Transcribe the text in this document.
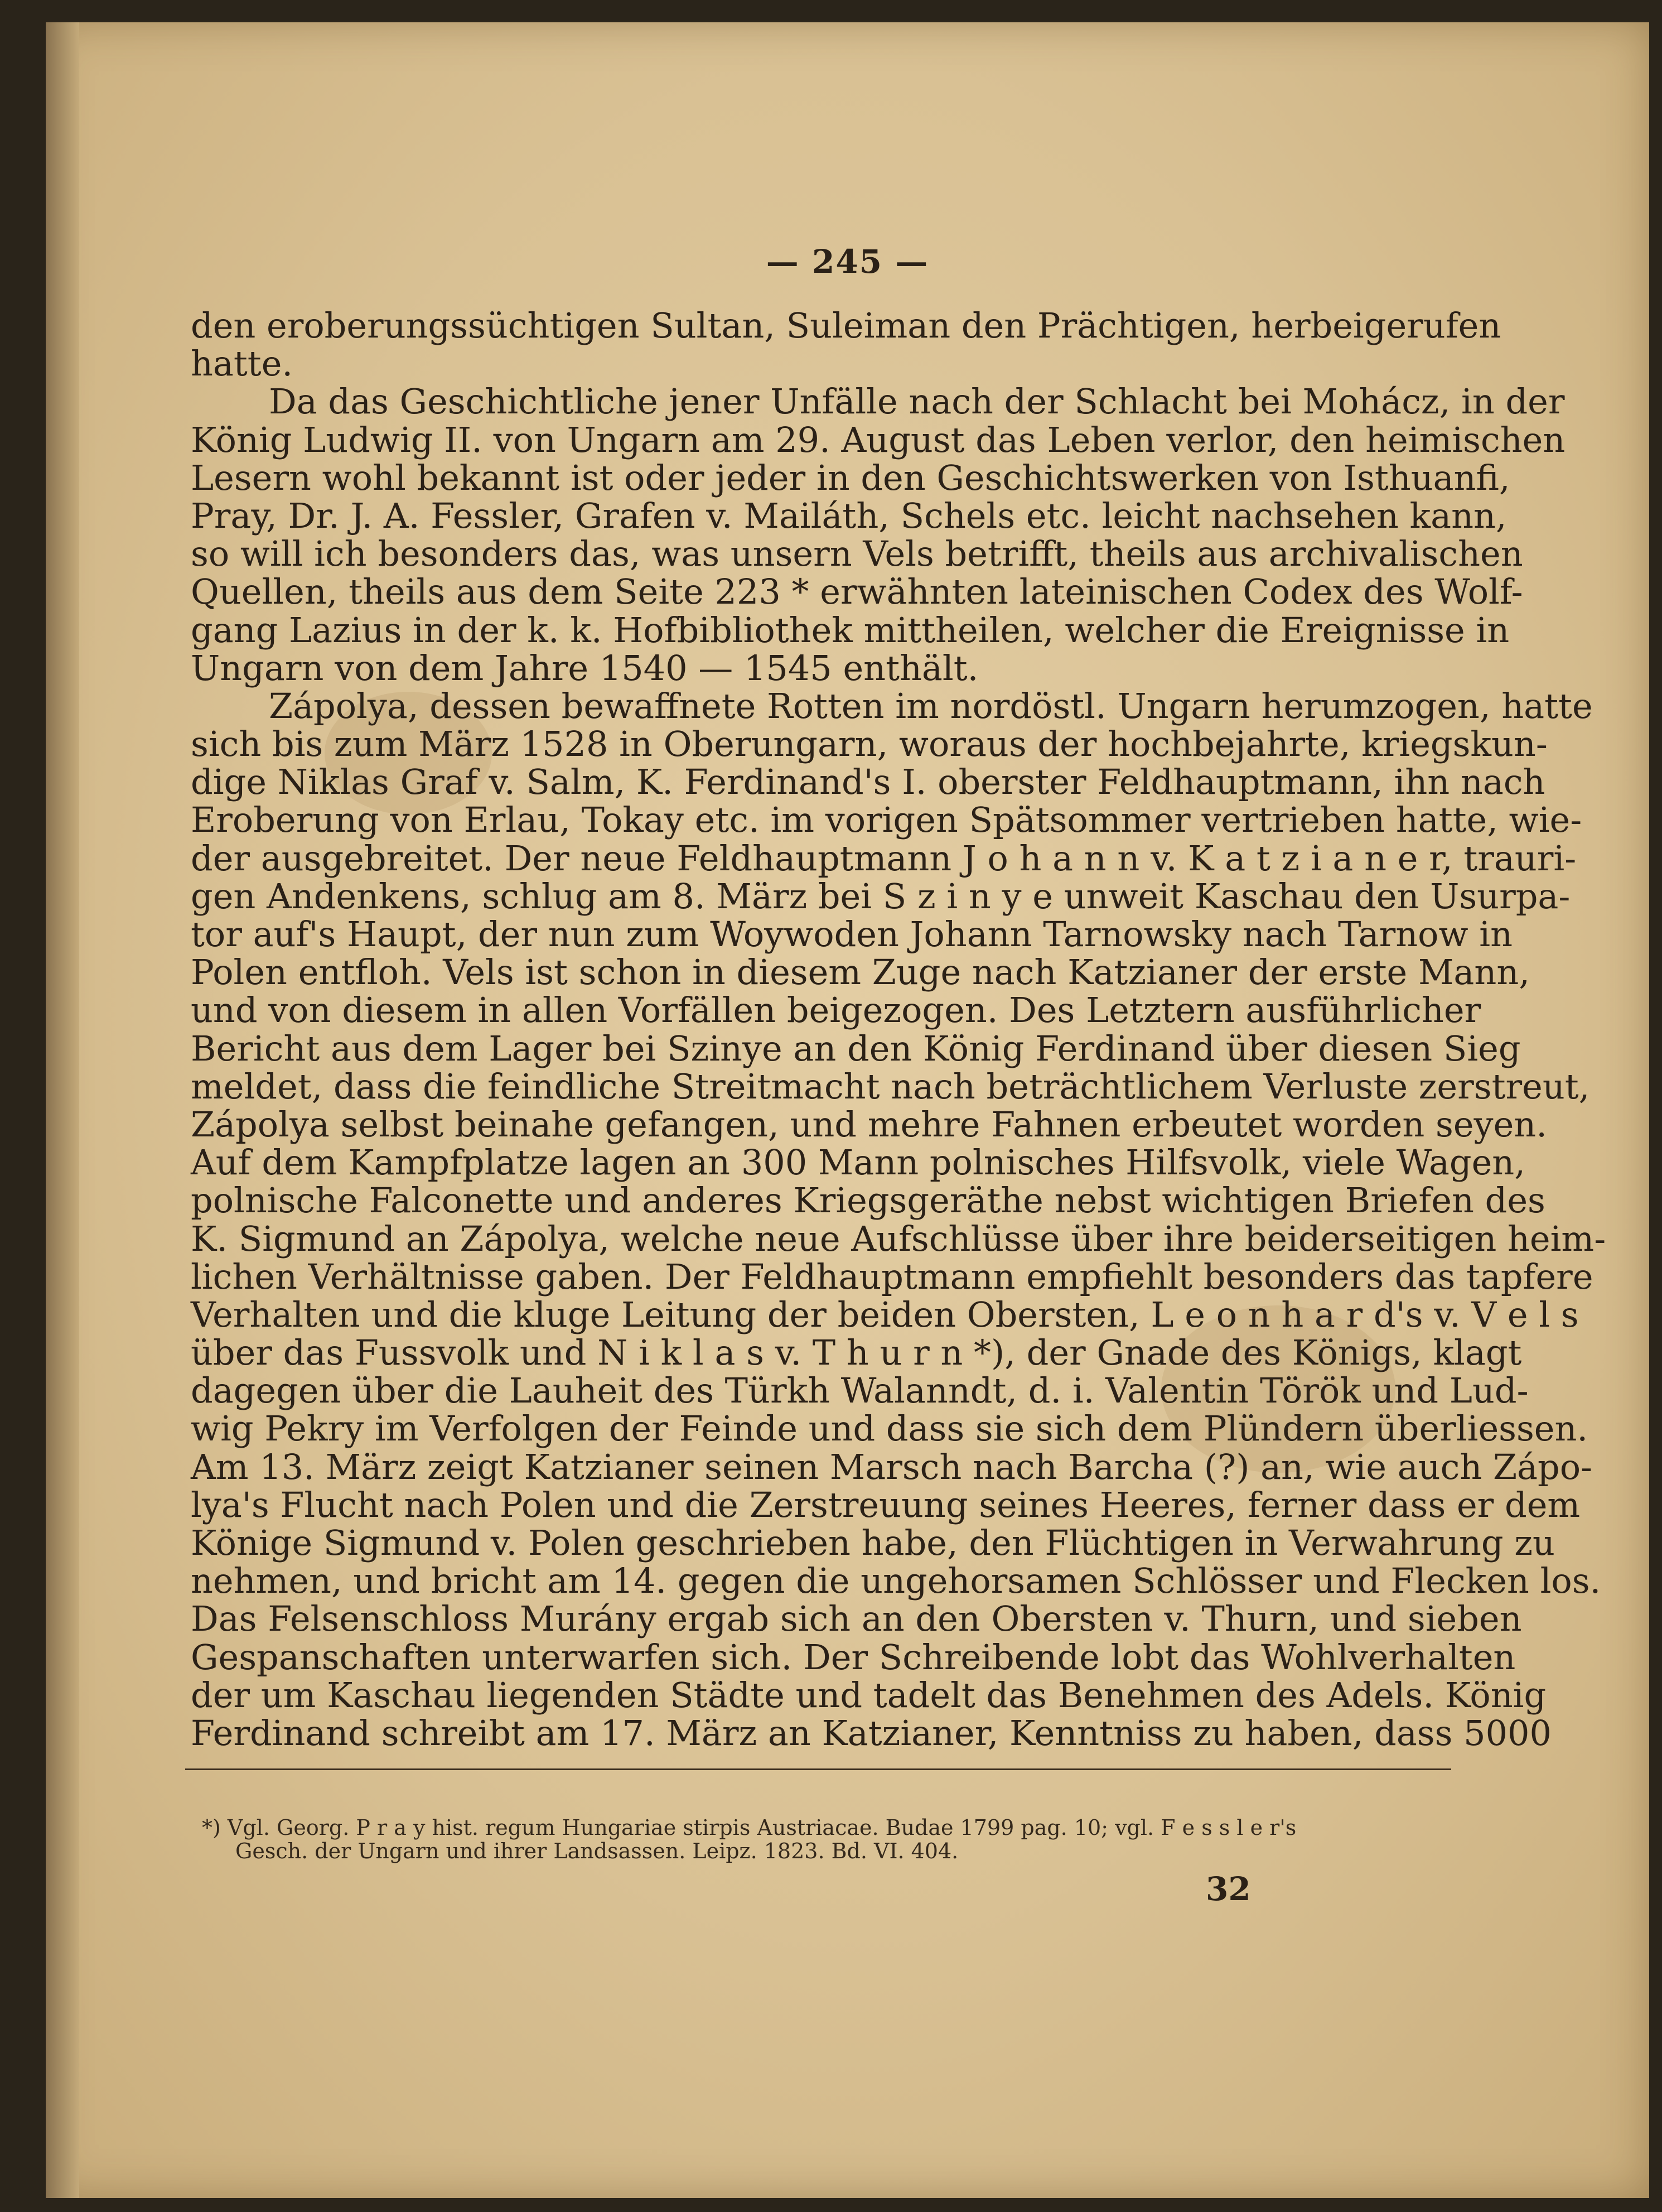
— 245 —
den eroberungssüchtigen Sultan, Suleiman den Prächtigen, herbeigerufen
hatte.
Da das Geschichtliche jener Unfälle nach der Schlacht bei Mohácz, in der
König Ludwig II. von Ungarn am 29. August das Leben verlor, den heimischen
Lesern wohl bekannt ist oder jeder in den Geschichtswerken von Isthuanfi,
Pray, Dr. J. A. Fessler, Grafen v. Mailáth, Schels etc. leicht nachsehen kann,
so will ich besonders das, was unsern Vels betrifft, theils aus archivalischen
Quellen, theils aus dem Seite 223 * erwähnten lateinischen Codex des Wolf-
gang Lazius in der k. k. Hofbibliothek mittheilen, welcher die Ereignisse in
Ungarn von dem Jahre 1540 — 1545 enthält.
Zápolya, dessen bewaffnete Rotten im nordöstl. Ungarn herumzogen, hatte
sich bis zum März 1528 in Oberungarn, woraus der hochbejahrte, kriegskun-
dige Niklas Graf v. Salm, K. Ferdinand's I. oberster Feldhauptmann, ihn nach
Eroberung von Erlau, Tokay etc. im vorigen Spätsommer vertrieben hatte, wie-
der ausgebreitet. Der neue Feldhauptmann J o h a n n v. K a t z i a n e r, trauri-
gen Andenkens, schlug am 8. März bei S z i n y e unweit Kaschau den Usurpa-
tor auf's Haupt, der nun zum Woywoden Johann Tarnowsky nach Tarnow in
Polen entfloh. Vels ist schon in diesem Zuge nach Katzianer der erste Mann,
und von diesem in allen Vorfällen beigezogen. Des Letztern ausführlicher
Bericht aus dem Lager bei Szinye an den König Ferdinand über diesen Sieg
meldet, dass die feindliche Streitmacht nach beträchtlichem Verluste zerstreut,
Zápolya selbst beinahe gefangen, und mehre Fahnen erbeutet worden seyen.
Auf dem Kampfplatze lagen an 300 Mann polnisches Hilfsvolk, viele Wagen,
polnische Falconette und anderes Kriegsgeräthe nebst wichtigen Briefen des
K. Sigmund an Zápolya, welche neue Aufschlüsse über ihre beiderseitigen heim-
lichen Verhältnisse gaben. Der Feldhauptmann empfiehlt besonders das tapfere
Verhalten und die kluge Leitung der beiden Obersten, L e o n h a r d's v. V e l s
über das Fussvolk und N i k l a s v. T h u r n *), der Gnade des Königs, klagt
dagegen über die Lauheit des Türkh Walanndt, d. i. Valentin Török und Lud-
wig Pekry im Verfolgen der Feinde und dass sie sich dem Plündern überliessen.
Am 13. März zeigt Katzianer seinen Marsch nach Barcha (?) an, wie auch Zápo-
lya's Flucht nach Polen und die Zerstreuung seines Heeres, ferner dass er dem
Könige Sigmund v. Polen geschrieben habe, den Flüchtigen in Verwahrung zu
nehmen, und bricht am 14. gegen die ungehorsamen Schlösser und Flecken los.
Das Felsenschloss Murány ergab sich an den Obersten v. Thurn, und sieben
Gespanschaften unterwarfen sich. Der Schreibende lobt das Wohlverhalten
der um Kaschau liegenden Städte und tadelt das Benehmen des Adels. König
Ferdinand schreibt am 17. März an Katzianer, Kenntniss zu haben, dass 5000
*) Vgl. Georg. P r a y hist. regum Hungariae stirpis Austriacae. Budae 1799 pag. 10; vgl. F e s s l e r's
Gesch. der Ungarn und ihrer Landsassen. Leipz. 1823. Bd. VI. 404.
32
